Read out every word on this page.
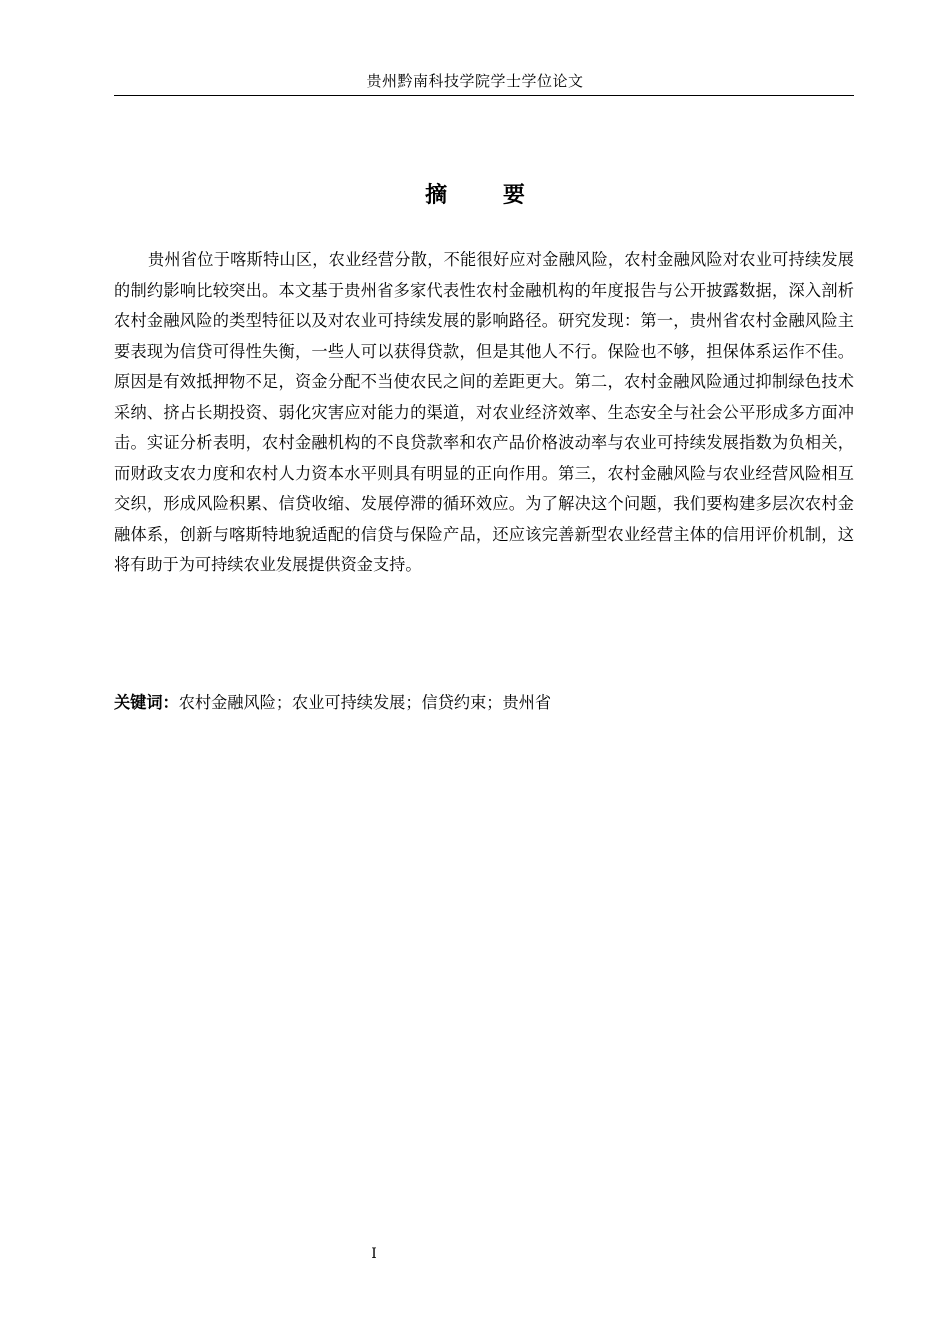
贵州黔南科技学院学士学位论文
摘 要

贵州省位于喀斯特山区，农业经营分散，不能很好应对金融风险，农村金融风险对农业可持续发展的制约影响比较突出。本文基于贵州省多家代表性农村金融机构的年度报告与公开披露数据，深入剖析农村金融风险的类型特征以及对农业可持续发展的影响路径。研究发现：第一，贵州省农村金融风险主要表现为信贷可得性失衡，一些人可以获得贷款，但是其他人不行。保险也不够，担保体系运作不佳。原因是有效抵押物不足，资金分配不当使农民之间的差距更大。第二，农村金融风险通过抑制绿色技术采纳、挤占长期投资、弱化灾害应对能力的渠道，对农业经济效率、生态安全与社会公平形成多方面冲击。实证分析表明，农村金融机构的不良贷款率和农产品价格波动率与农业可持续发展指数为负相关，而财政支农力度和农村人力资本水平则具有明显的正向作用。第三，农村金融风险与农业经营风险相互交织，形成风险积累、信贷收缩、发展停滞的循环效应。为了解决这个问题，我们要构建多层次农村金融体系，创新与喀斯特地貌适配的信贷与保险产品，还应该完善新型农业经营主体的信用评价机制，这将有助于为可持续农业发展提供资金支持。

关键词：农村金融风险；农业可持续发展；信贷约束；贵州省
I
